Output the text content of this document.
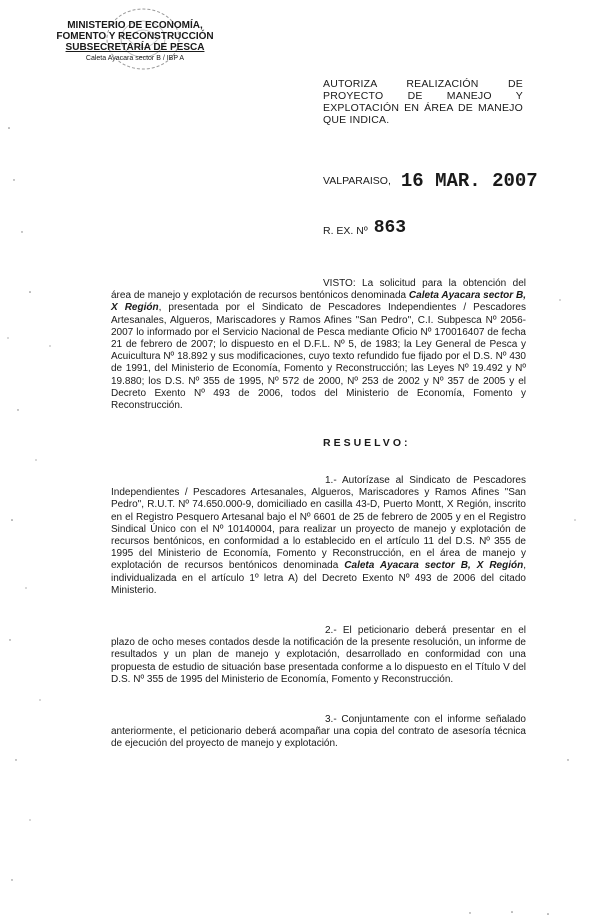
MINISTERIO DE ECONOMÍA,
FOMENTO Y RECONSTRUCCIÓN
SUBSECRETARÍA DE PESCA
Caleta Ayacara sector B / IBP A
AUTORIZA REALIZACIÓN DE PROYECTO DE MANEJO Y EXPLOTACIÓN EN ÁREA DE MANEJO QUE INDICA.
VALPARAISO, 16 MAR. 2007
R. EX. Nº 863
VISTO: La solicitud para la obtención del área de manejo y explotación de recursos bentónicos denominada Caleta Ayacara sector B, X Región, presentada por el Sindicato de Pescadores Independientes / Pescadores Artesanales, Algueros, Mariscadores y Ramos Afines "San Pedro", C.I. Subpesca Nº 2056-2007 lo informado por el Servicio Nacional de Pesca mediante Oficio Nº 170016407 de fecha 21 de febrero de 2007; lo dispuesto en el D.F.L. Nº 5, de 1983; la Ley General de Pesca y Acuicultura Nº 18.892 y sus modificaciones, cuyo texto refundido fue fijado por el D.S. Nº 430 de 1991, del Ministerio de Economía, Fomento y Reconstrucción; las Leyes Nº 19.492 y Nº 19.880; los D.S. Nº 355 de 1995, Nº 572 de 2000, Nº 253 de 2002 y Nº 357 de 2005 y el Decreto Exento Nº 493 de 2006, todos del Ministerio de Economía, Fomento y Reconstrucción.
RESUELVO:
1.- Autorízase al Sindicato de Pescadores Independientes / Pescadores Artesanales, Algueros, Mariscadores y Ramos Afines "San Pedro", R.U.T. Nº 74.650.000-9, domiciliado en casilla 43-D, Puerto Montt, X Región, inscrito en el Registro Pesquero Artesanal bajo el Nº 6601 de 25 de febrero de 2005 y en el Registro Sindical Único con el Nº 10140004, para realizar un proyecto de manejo y explotación de recursos bentónicos, en conformidad a lo establecido en el artículo 11 del D.S. Nº 355 de 1995 del Ministerio de Economía, Fomento y Reconstrucción, en el área de manejo y explotación de recursos bentónicos denominada Caleta Ayacara sector B, X Región, individualizada en el artículo 1º letra A) del Decreto Exento Nº 493 de 2006 del citado Ministerio.
2.- El peticionario deberá presentar en el plazo de ocho meses contados desde la notificación de la presente resolución, un informe de resultados y un plan de manejo y explotación, desarrollado en conformidad con una propuesta de estudio de situación base presentada conforme a lo dispuesto en el Título V del D.S. Nº 355 de 1995 del Ministerio de Economía, Fomento y Reconstrucción.
3.- Conjuntamente con el informe señalado anteriormente, el peticionario deberá acompañar una copia del contrato de asesoría técnica de ejecución del proyecto de manejo y explotación.
